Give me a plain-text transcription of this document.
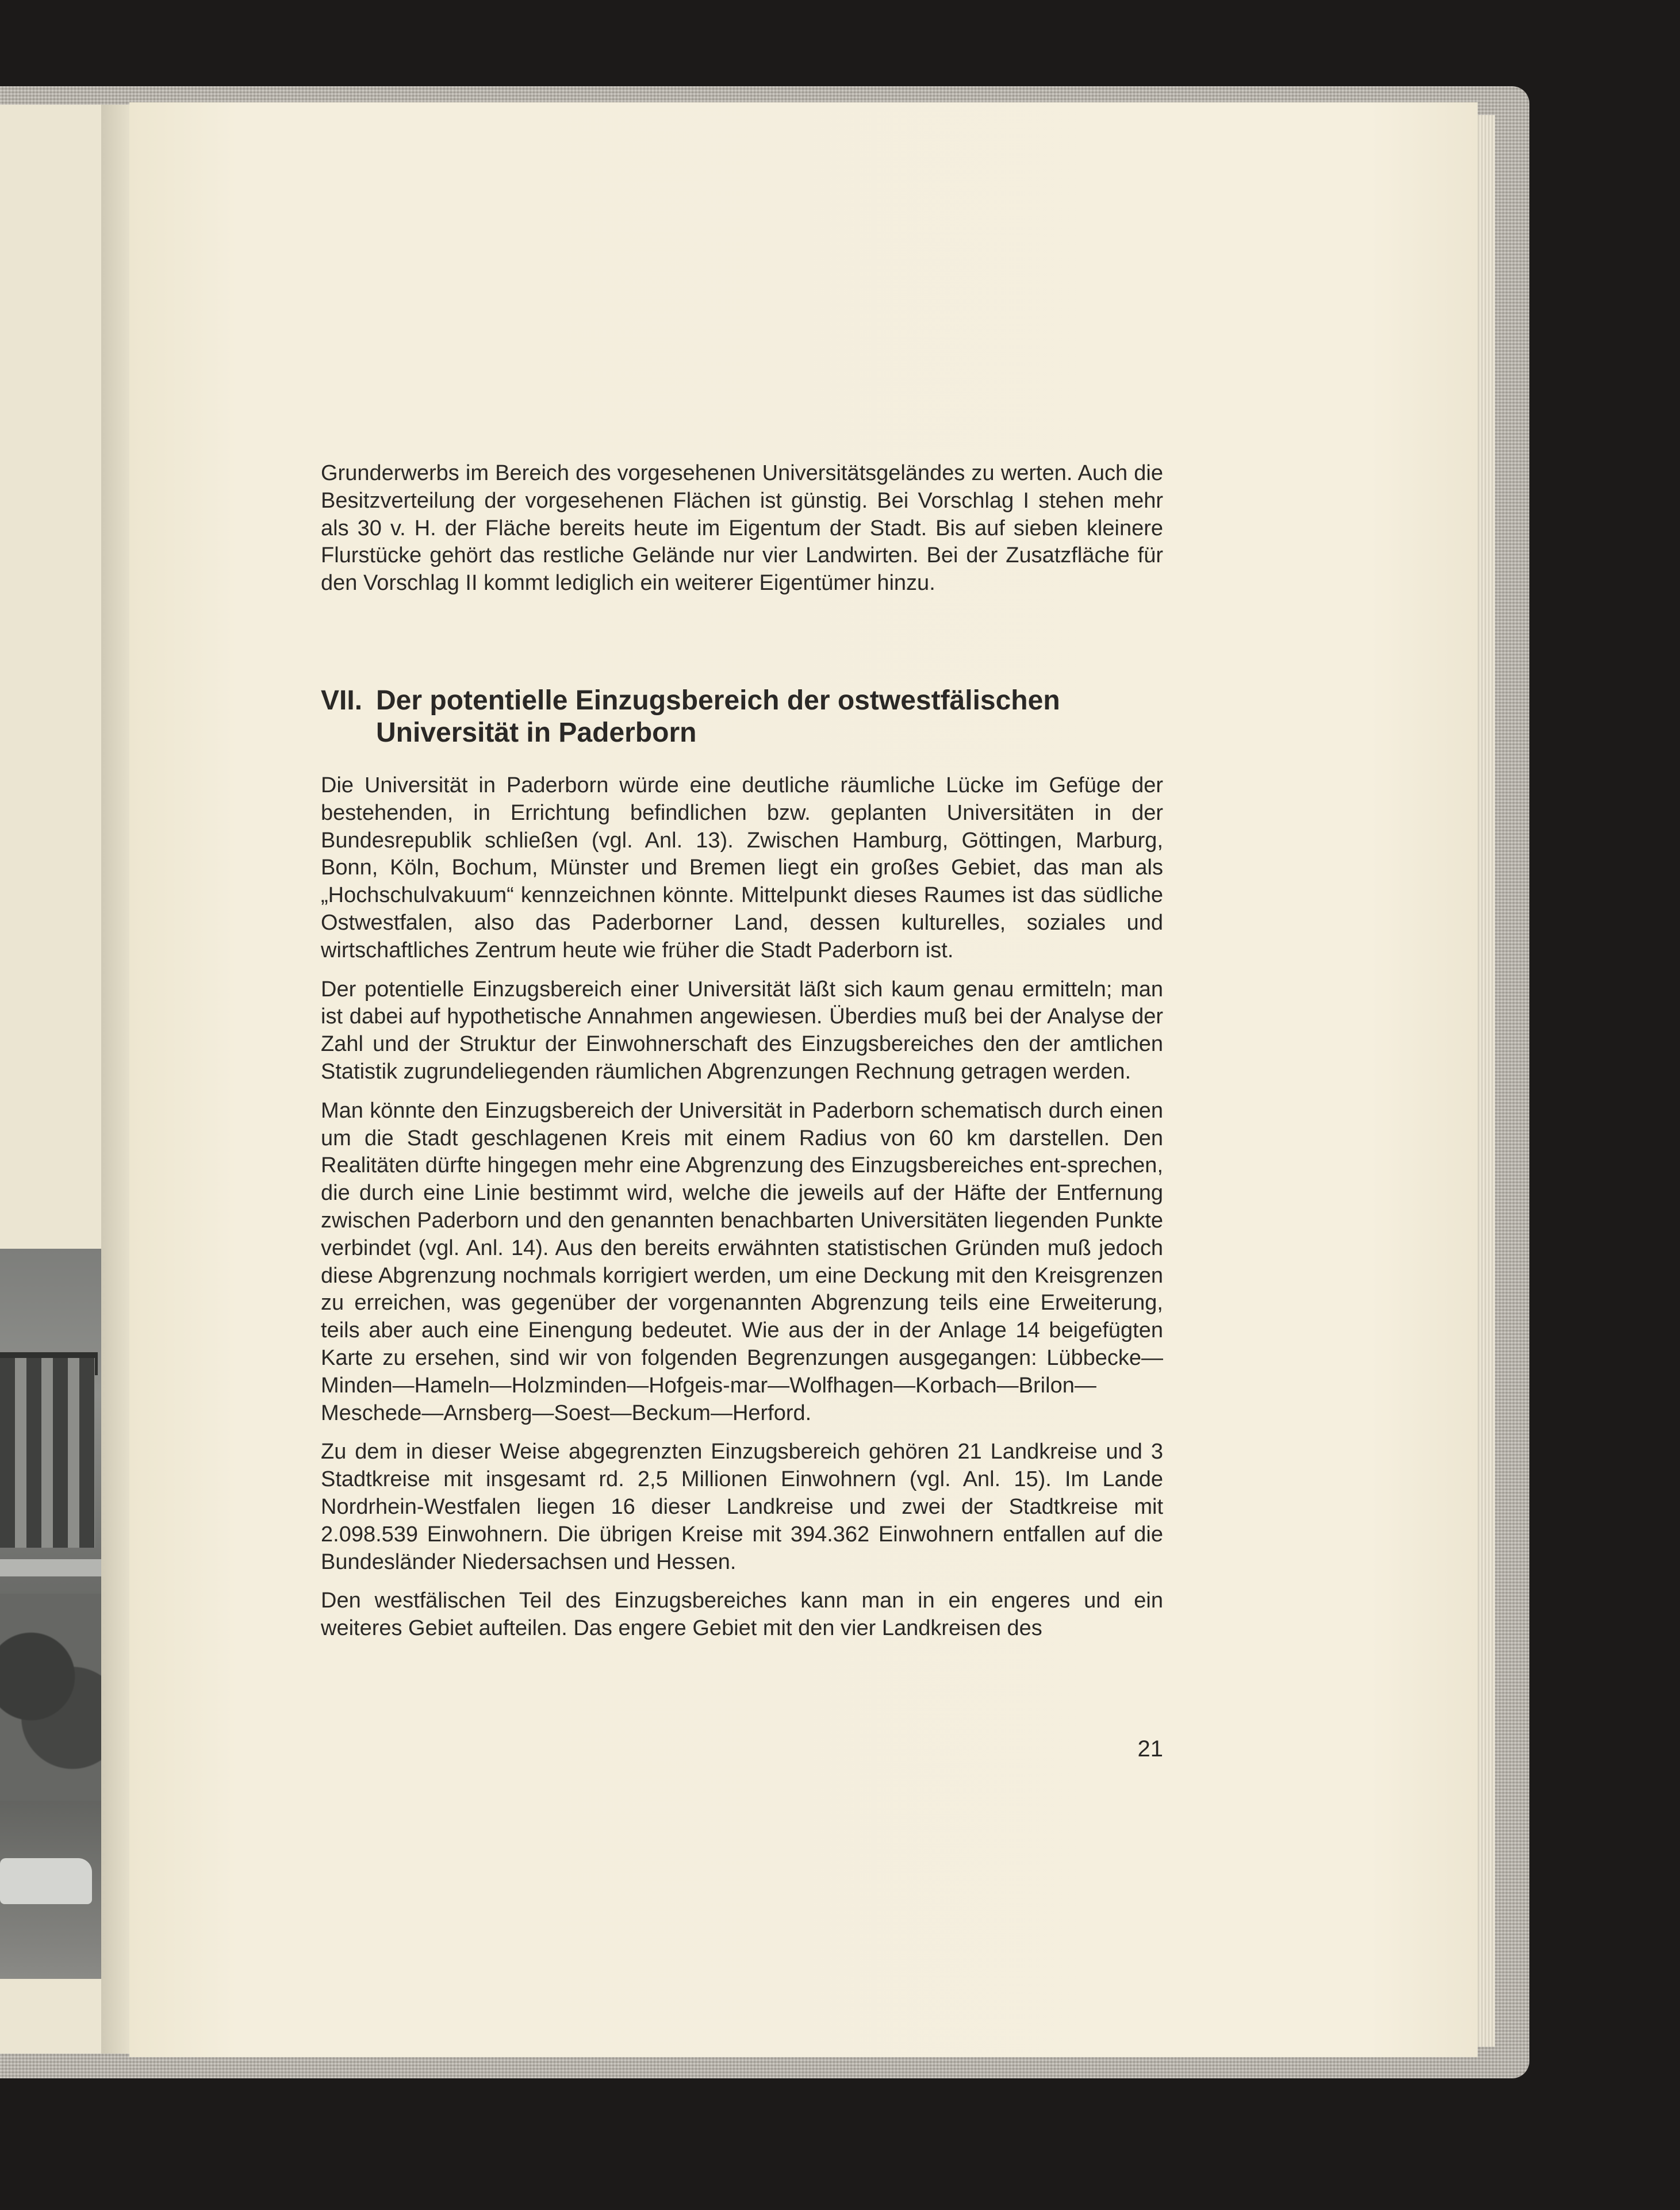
Grunderwerbs im Bereich des vorgesehenen Universitätsgeländes zu werten. Auch die Besitzverteilung der vorgesehenen Flächen ist günstig. Bei Vorschlag I stehen mehr als 30 v. H. der Fläche bereits heute im Eigentum der Stadt. Bis auf sieben kleinere Flurstücke gehört das restliche Gelände nur vier Landwirten. Bei der Zusatzfläche für den Vorschlag II kommt lediglich ein weiterer Eigentümer hinzu.

VII. Der potentielle Einzugsbereich der ostwestfälischen Universität in Paderborn

Die Universität in Paderborn würde eine deutliche räumliche Lücke im Gefüge der bestehenden, in Errichtung befindlichen bzw. geplanten Universitäten in der Bundesrepublik schließen (vgl. Anl. 13). Zwischen Hamburg, Göttingen, Marburg, Bonn, Köln, Bochum, Münster und Bremen liegt ein großes Gebiet, das man als „Hochschulvakuum“ kennzeichnen könnte. Mittelpunkt dieses Raumes ist das südliche Ostwestfalen, also das Paderborner Land, dessen kulturelles, soziales und wirtschaftliches Zentrum heute wie früher die Stadt Paderborn ist.

Der potentielle Einzugsbereich einer Universität läßt sich kaum genau ermitteln; man ist dabei auf hypothetische Annahmen angewiesen. Überdies muß bei der Analyse der Zahl und der Struktur der Einwohnerschaft des Einzugsbereiches den der amtlichen Statistik zugrundeliegenden räumlichen Abgrenzungen Rechnung getragen werden.

Man könnte den Einzugsbereich der Universität in Paderborn schematisch durch einen um die Stadt geschlagenen Kreis mit einem Radius von 60 km darstellen. Den Realitäten dürfte hingegen mehr eine Abgrenzung des Einzugsbereiches ent-sprechen, die durch eine Linie bestimmt wird, welche die jeweils auf der Häfte der Entfernung zwischen Paderborn und den genannten benachbarten Universitäten liegenden Punkte verbindet (vgl. Anl. 14). Aus den bereits erwähnten statistischen Gründen muß jedoch diese Abgrenzung nochmals korrigiert werden, um eine Deckung mit den Kreisgrenzen zu erreichen, was gegenüber der vorgenannten Abgrenzung teils eine Erweiterung, teils aber auch eine Einengung bedeutet. Wie aus der in der Anlage 14 beigefügten Karte zu ersehen, sind wir von folgenden Begrenzungen ausgegangen: Lübbecke—Minden—Hameln—Holzminden—Hofgeis-mar—Wolfhagen—Korbach—Brilon—Meschede—Arnsberg—Soest—Beckum—Herford.

Zu dem in dieser Weise abgegrenzten Einzugsbereich gehören 21 Landkreise und 3 Stadtkreise mit insgesamt rd. 2,5 Millionen Einwohnern (vgl. Anl. 15). Im Lande Nordrhein-Westfalen liegen 16 dieser Landkreise und zwei der Stadtkreise mit 2.098.539 Einwohnern. Die übrigen Kreise mit 394.362 Einwohnern entfallen auf die Bundesländer Niedersachsen und Hessen.

Den westfälischen Teil des Einzugsbereiches kann man in ein engeres und ein weiteres Gebiet aufteilen. Das engere Gebiet mit den vier Landkreisen des

21
